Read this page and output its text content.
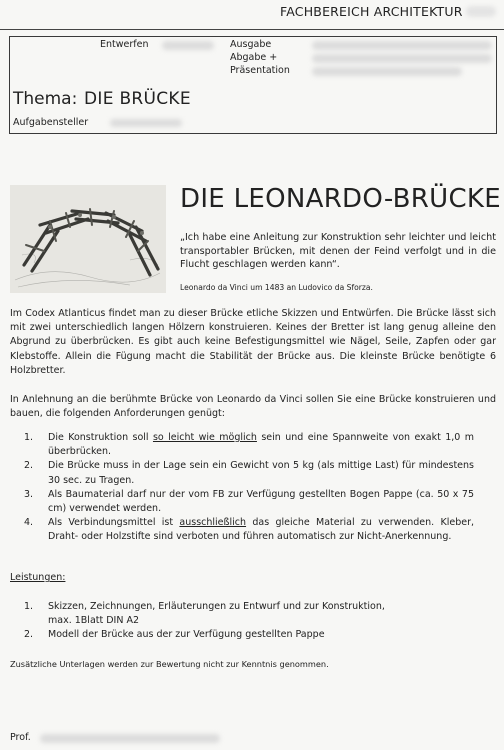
FACHBEREICH ARCHITEKTUR
Entwerfen	Ausgabe
Abgabe +
Präsentation
Thema: DIE BRÜCKE
Aufgabensteller
DIE LEONARDO-BRÜCKE
„Ich habe eine Anleitung zur Konstruktion sehr leichter und leicht transportabler Brücken, mit denen der Feind verfolgt und in die Flucht geschlagen werden kann“.
Leonardo da Vinci um 1483 an Ludovico da Sforza.

Im Codex Atlanticus findet man zu dieser Brücke etliche Skizzen und Entwürfen. Die Brücke lässt sich mit zwei unterschiedlich langen Hölzern konstruieren. Keines der Bretter ist lang genug alleine den Abgrund zu überbrücken. Es gibt auch keine Befestigungsmittel wie Nägel, Seile, Zapfen oder gar Klebstoffe. Allein die Fügung macht die Stabilität der Brücke aus. Die kleinste Brücke benötigte 6 Holzbretter.

In Anlehnung an die berühmte Brücke von Leonardo da Vinci sollen Sie eine Brücke konstruieren und bauen, die folgenden Anforderungen genügt:

1. Die Konstruktion soll so leicht wie möglich sein und eine Spannweite von exakt 1,0 m überbrücken.
2. Die Brücke muss in der Lage sein ein Gewicht von 5 kg (als mittige Last) für mindestens 30 sec. zu Tragen.
3. Als Baumaterial darf nur der vom FB zur Verfügung gestellten Bogen Pappe (ca. 50 x 75 cm) verwendet werden.
4. Als Verbindungsmittel ist ausschließlich das gleiche Material zu verwenden. Kleber, Draht- oder Holzstifte sind verboten und führen automatisch zur Nicht-Anerkennung.
Leistungen:
1. Skizzen, Zeichnungen, Erläuterungen zu Entwurf und zur Konstruktion,
max. 1Blatt DIN A2
2. Modell der Brücke aus der zur Verfügung gestellten Pappe
Zusätzliche Unterlagen werden zur Bewertung nicht zur Kenntnis genommen.
Prof.
